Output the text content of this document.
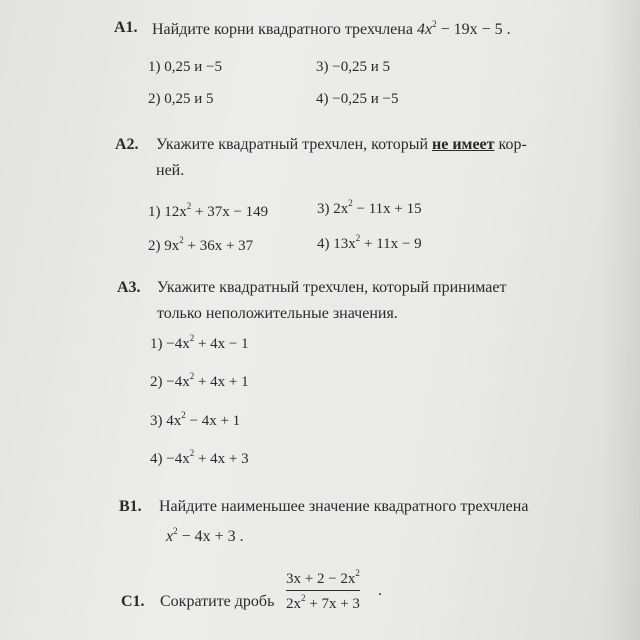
A1. Найдите корни квадратного трехчлена $4x^2 - 19x - 5$ .
1) 0,25 и −5
2) 0,25 и 5
3) −0,25 и 5
4) −0,25 и −5
A2. Укажите квадратный трехчлен, который не имеет кор-
ней.
1) $12x^2 + 37x - 149$
2) $9x^2 + 36x + 37$
3) $2x^2 - 11x + 15$
4) $13x^2 + 11x - 9$
A3. Укажите квадратный трехчлен, который принимает
только неположительные значения.
$1) -4x^2 + 4x - 1$
$2) -4x^2 + 4x + 1$
3) $4x^2 - 4x + 1$
$4) -4x^2 + 4x + 3$
B1. Найдите наименьшее значение квадратного трехчлена
$x^2 - 4x + 3$ .
C1. Сократите дробь
$3x + 2 - 2x^2$
$2x^2 + 7x + 3$
.
